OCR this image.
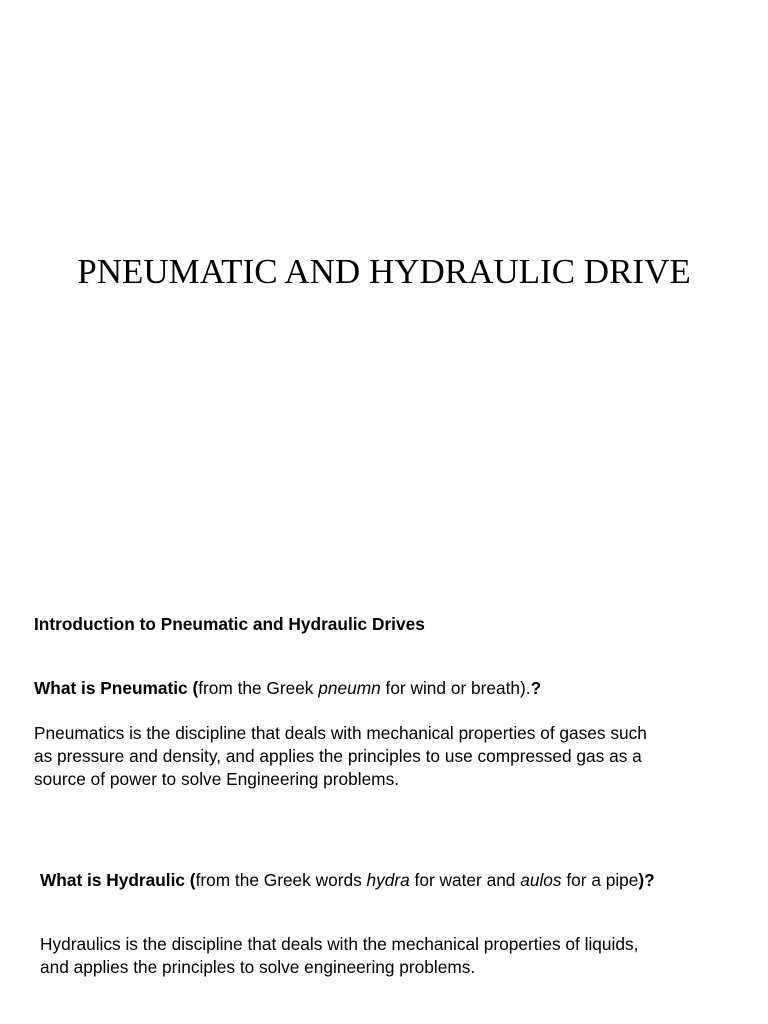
PNEUMATIC AND HYDRAULIC DRIVE

Introduction to Pneumatic and Hydraulic Drives

What is Pneumatic (from the Greek pneumn for wind or breath).?

Pneumatics is the discipline that deals with mechanical properties of gases such
as pressure and density, and applies the principles to use compressed gas as a
source of power to solve Engineering problems.

What is Hydraulic (from the Greek words hydra for water and aulos for a pipe)?

Hydraulics is the discipline that deals with the mechanical properties of liquids,
and applies the principles to solve engineering problems.
